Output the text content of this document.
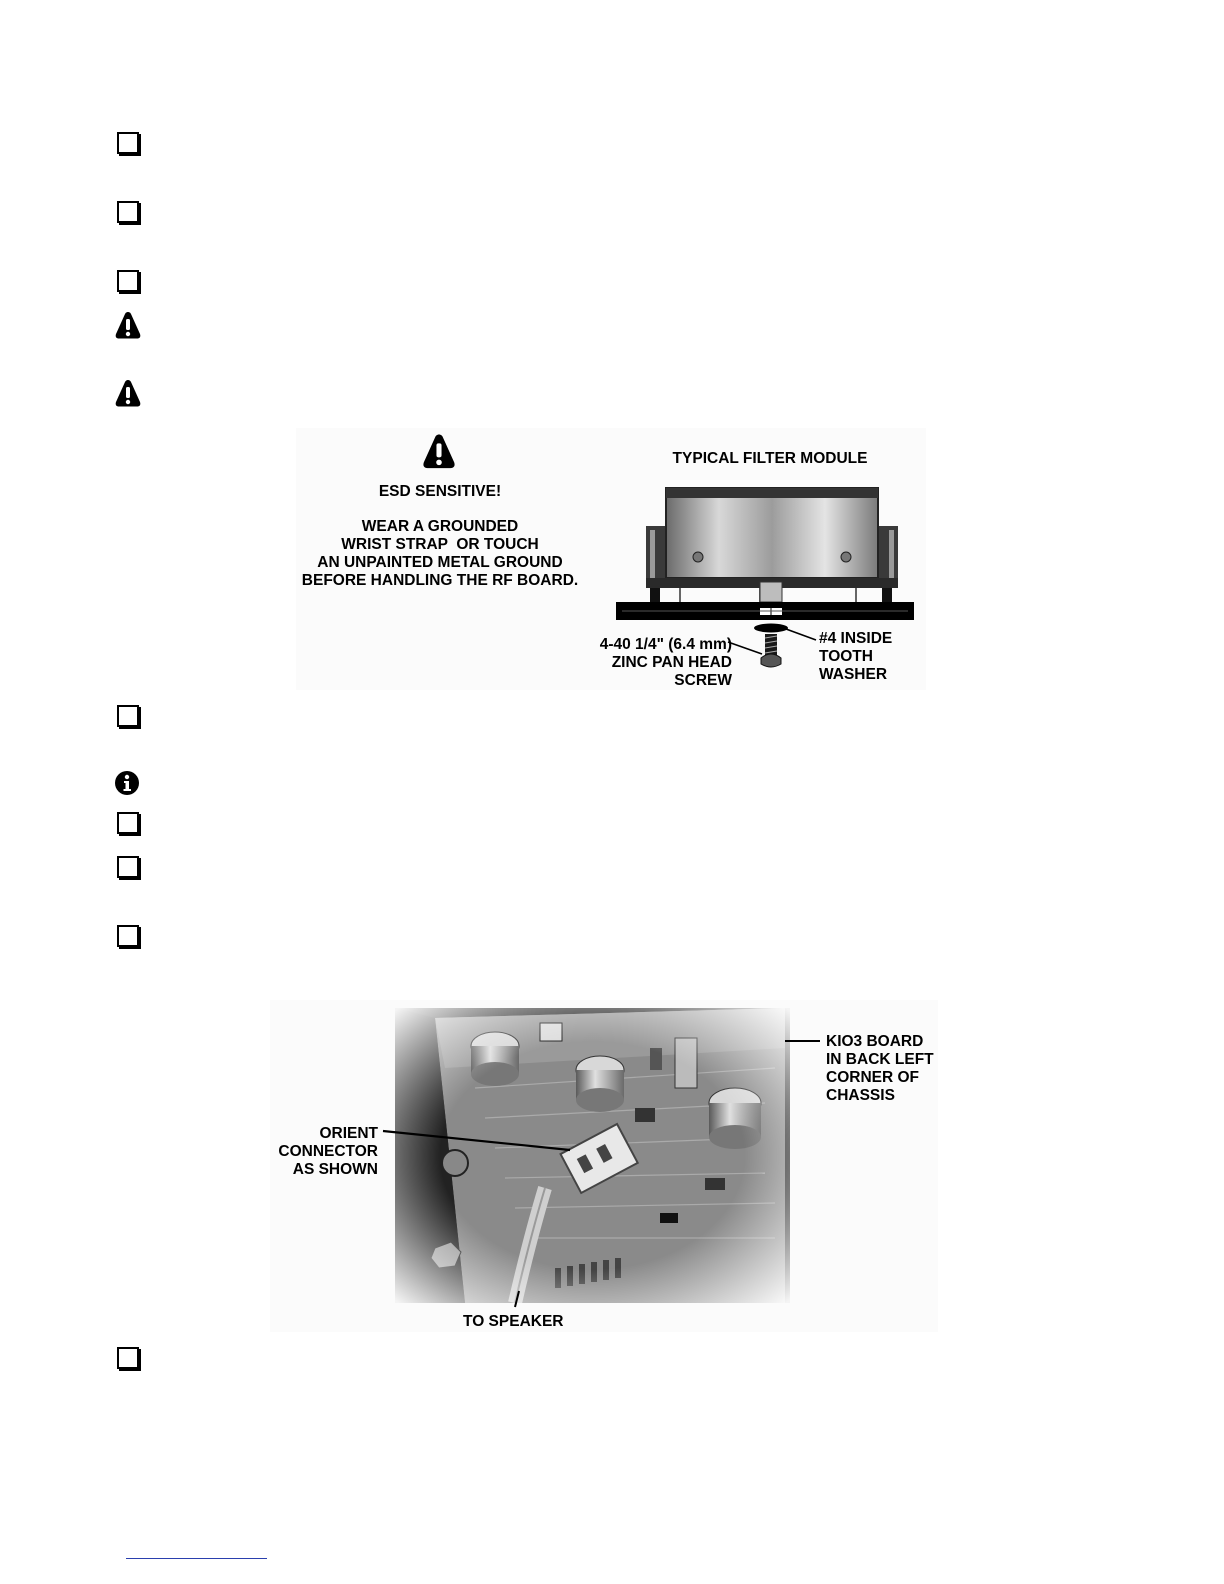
ESD SENSITIVE!
WEAR A GROUNDED
WRIST STRAP  OR TOUCH
AN UNPAINTED METAL GROUND
BEFORE HANDLING THE RF BOARD.
TYPICAL FILTER MODULE
4-40 1/4" (6.4 mm)
ZINC PAN HEAD
SCREW
#4 INSIDE
TOOTH
WASHER
ORIENT
CONNECTOR
AS SHOWN
KIO3 BOARD
IN BACK LEFT
CORNER OF
CHASSIS
TO SPEAKER
